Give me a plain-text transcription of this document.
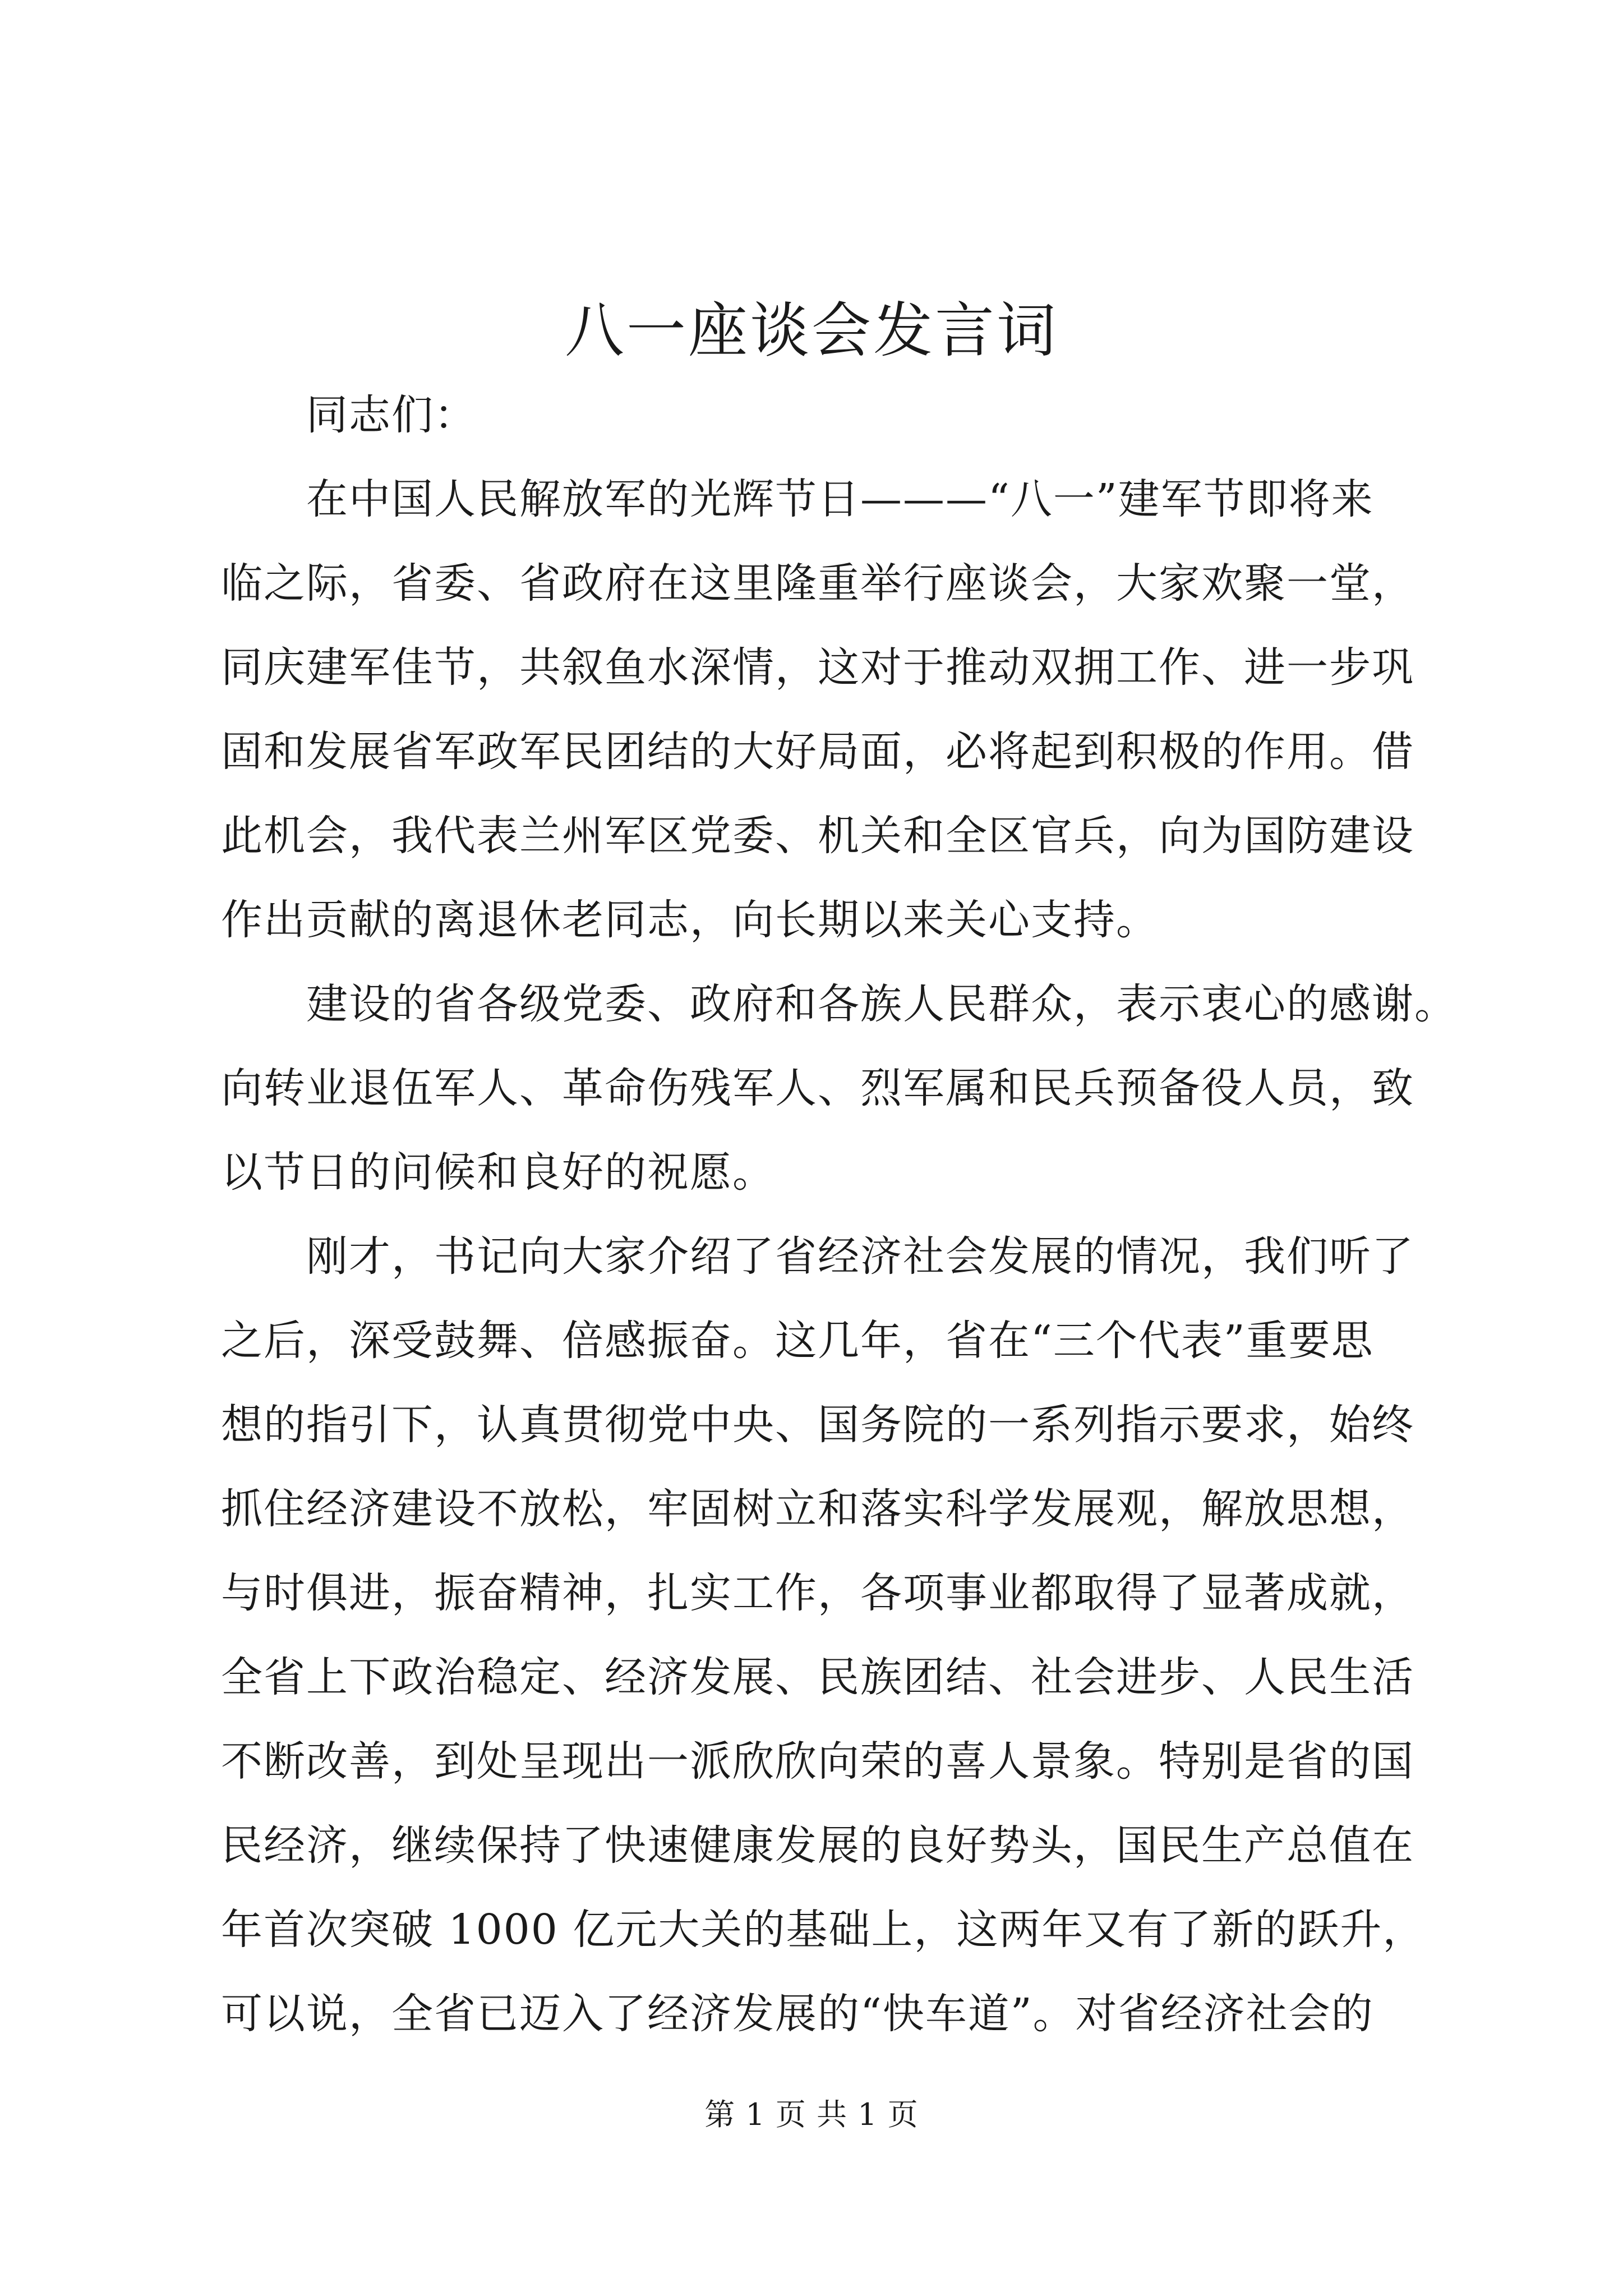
八一座谈会发言词

　　同志们：

　　在中国人民解放军的光辉节日———“八一”建军节即将来

临之际，省委、省政府在这里隆重举行座谈会，大家欢聚一堂，

同庆建军佳节，共叙鱼水深情，这对于推动双拥工作、进一步巩

固和发展省军政军民团结的大好局面，必将起到积极的作用。借

此机会，我代表兰州军区党委、机关和全区官兵，向为国防建设

作出贡献的离退休老同志，向长期以来关心支持。

　　建设的省各级党委、政府和各族人民群众，表示衷心的感谢。

向转业退伍军人、革命伤残军人、烈军属和民兵预备役人员，致

以节日的问候和良好的祝愿。

　　刚才，书记向大家介绍了省经济社会发展的情况，我们听了

之后，深受鼓舞、倍感振奋。这几年，省在“三个代表”重要思

想的指引下，认真贯彻党中央、国务院的一系列指示要求，始终

抓住经济建设不放松，牢固树立和落实科学发展观，解放思想，

与时俱进，振奋精神，扎实工作，各项事业都取得了显著成就，

全省上下政治稳定、经济发展、民族团结、社会进步、人民生活

不断改善，到处呈现出一派欣欣向荣的喜人景象。特别是省的国

民经济，继续保持了快速健康发展的良好势头，国民生产总值在

年首次突破 1000 亿元大关的基础上，这两年又有了新的跃升，

可以说，全省已迈入了经济发展的“快车道”。对省经济社会的

第 1 页 共 1 页
